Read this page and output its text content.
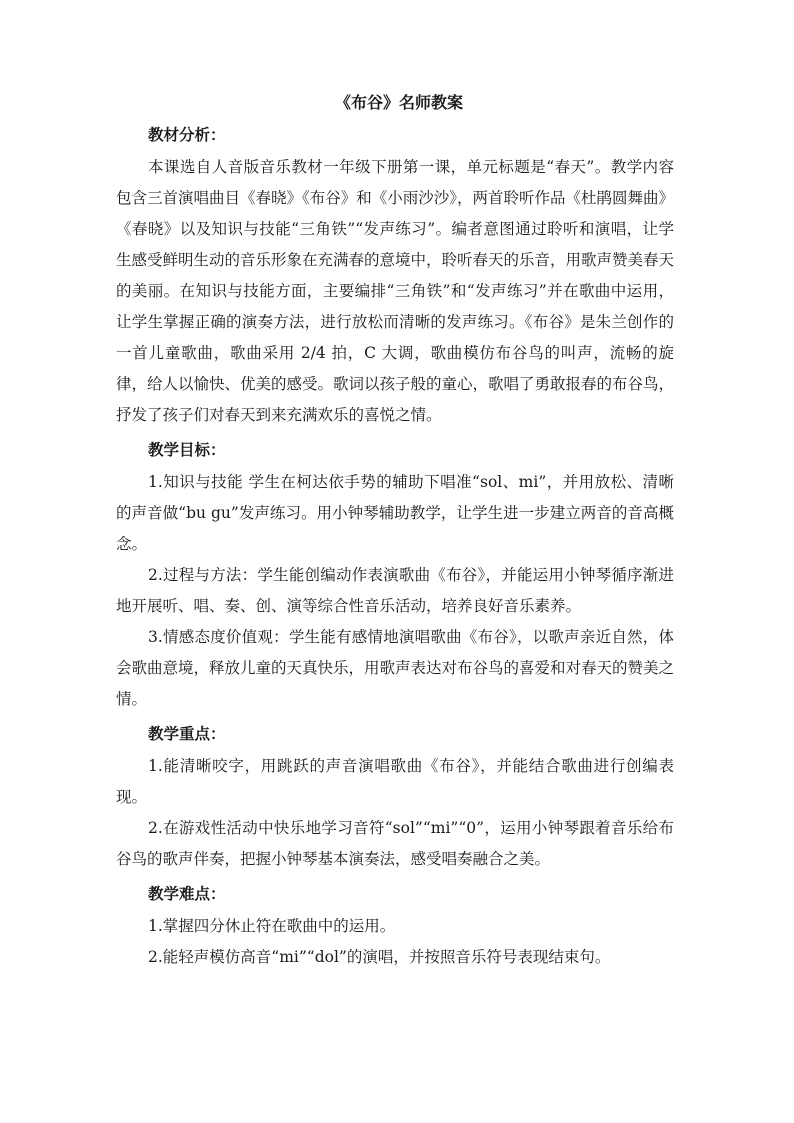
《布谷》名师教案
教材分析：

本课选自人音版音乐教材一年级下册第一课，单元标题是“春天”。教学内容包含三首演唱曲目《春晓》《布谷》和《小雨沙沙》，两首聆听作品《杜鹃圆舞曲》《春晓》以及知识与技能“三角铁”“发声练习”。编者意图通过聆听和演唱，让学生感受鲜明生动的音乐形象在充满春的意境中，聆听春天的乐音，用歌声赞美春天的美丽。在知识与技能方面，主要编排“三角铁”和“发声练习”并在歌曲中运用，让学生掌握正确的演奏方法，进行放松而清晰的发声练习。《布谷》是朱兰创作的一首儿童歌曲，歌曲采用 2/4 拍，C 大调，歌曲模仿布谷鸟的叫声，流畅的旋律，给人以愉快、优美的感受。歌词以孩子般的童心，歌唱了勇敢报春的布谷鸟，抒发了孩子们对春天到来充满欢乐的喜悦之情。

教学目标：

1.知识与技能 学生在柯达依手势的辅助下唱准“sol、mi”，并用放松、清晰的声音做“bu gu”发声练习。用小钟琴辅助教学，让学生进一步建立两音的音高概念。

2.过程与方法：学生能创编动作表演歌曲《布谷》，并能运用小钟琴循序渐进地开展听、唱、奏、创、演等综合性音乐活动，培养良好音乐素养。

3.情感态度价值观：学生能有感情地演唱歌曲《布谷》，以歌声亲近自然，体会歌曲意境，释放儿童的天真快乐，用歌声表达对布谷鸟的喜爱和对春天的赞美之情。

教学重点：

1.能清晰咬字，用跳跃的声音演唱歌曲《布谷》，并能结合歌曲进行创编表现。

2.在游戏性活动中快乐地学习音符“sol”“mi”“0”，运用小钟琴跟着音乐给布谷鸟的歌声伴奏，把握小钟琴基本演奏法，感受唱奏融合之美。

教学难点：

1.掌握四分休止符在歌曲中的运用。

2.能轻声模仿高音“mi”“dol”的演唱，并按照音乐符号表现结束句。
